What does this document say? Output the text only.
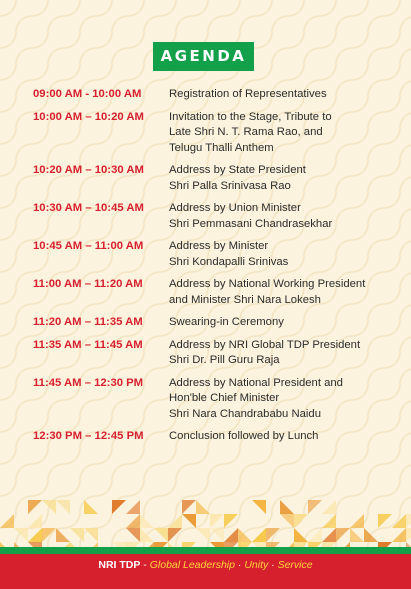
AGENDA
09:00 AM - 10:00 AM	Registration of Representatives
10:00 AM – 10:20 AM	Invitation to the Stage, Tribute to
Late Shri N. T. Rama Rao, and
Telugu Thalli Anthem
10:20 AM – 10:30 AM	Address by State President
Shri Palla Srinivasa Rao
10:30 AM – 10:45 AM	Address by Union Minister
Shri Pemmasani Chandrasekhar
10:45 AM – 11:00 AM	Address by Minister
Shri Kondapalli Srinivas
11:00 AM – 11:20 AM	Address by National Working President
and Minister Shri Nara Lokesh
11:20 AM – 11:35 AM	Swearing-in Ceremony
11:35 AM – 11:45 AM	Address by NRI Global TDP President
Shri Dr. Pill Guru Raja
11:45 AM – 12:30 PM	Address by National President and
Hon'ble Chief Minister
Shri Nara Chandrababu Naidu
12:30 PM – 12:45 PM	Conclusion followed by Lunch
NRI TDP - Global Leadership · Unity · Service
